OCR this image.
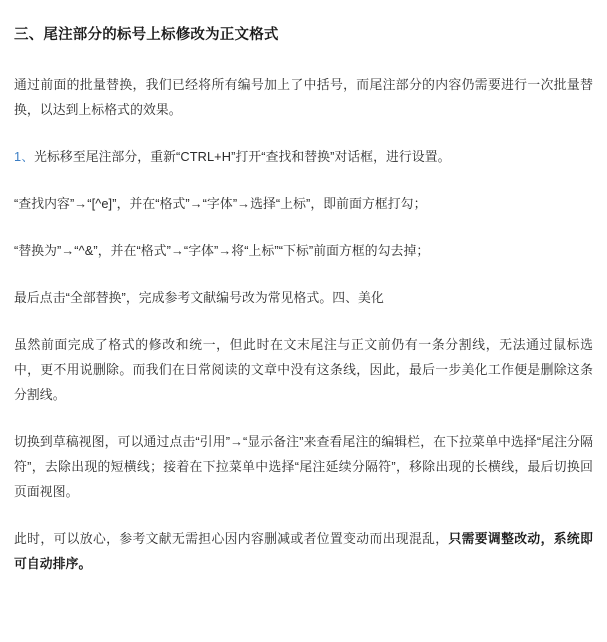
三、尾注部分的标号上标修改为正文格式

通过前面的批量替换，我们已经将所有编号加上了中括号，而尾注部分的内容仍需要进行一次批量替换，以达到上标格式的效果。

1、光标移至尾注部分，重新“CTRL+H”打开“查找和替换”对话框，进行设置。

“查找内容”→“[^e]”，并在“格式”→“字体”→选择“上标”，即前面方框打勾；

“替换为”→“^&”，并在“格式”→“字体”→将“上标”“下标”前面方框的勾去掉；

最后点击“全部替换”，完成参考文献编号改为常见格式。四、美化

虽然前面完成了格式的修改和统一，但此时在文末尾注与正文前仍有一条分割线，无法通过鼠标选中，更不用说删除。而我们在日常阅读的文章中没有这条线，因此，最后一步美化工作便是删除这条分割线。

切换到草稿视图，可以通过点击“引用”→“显示备注”来查看尾注的编辑栏，在下拉菜单中选择“尾注分隔符”，去除出现的短横线；接着在下拉菜单中选择“尾注延续分隔符”，移除出现的长横线，最后切换回页面视图。

此时，可以放心，参考文献无需担心因内容删减或者位置变动而出现混乱，只需要调整改动，系统即可自动排序。
